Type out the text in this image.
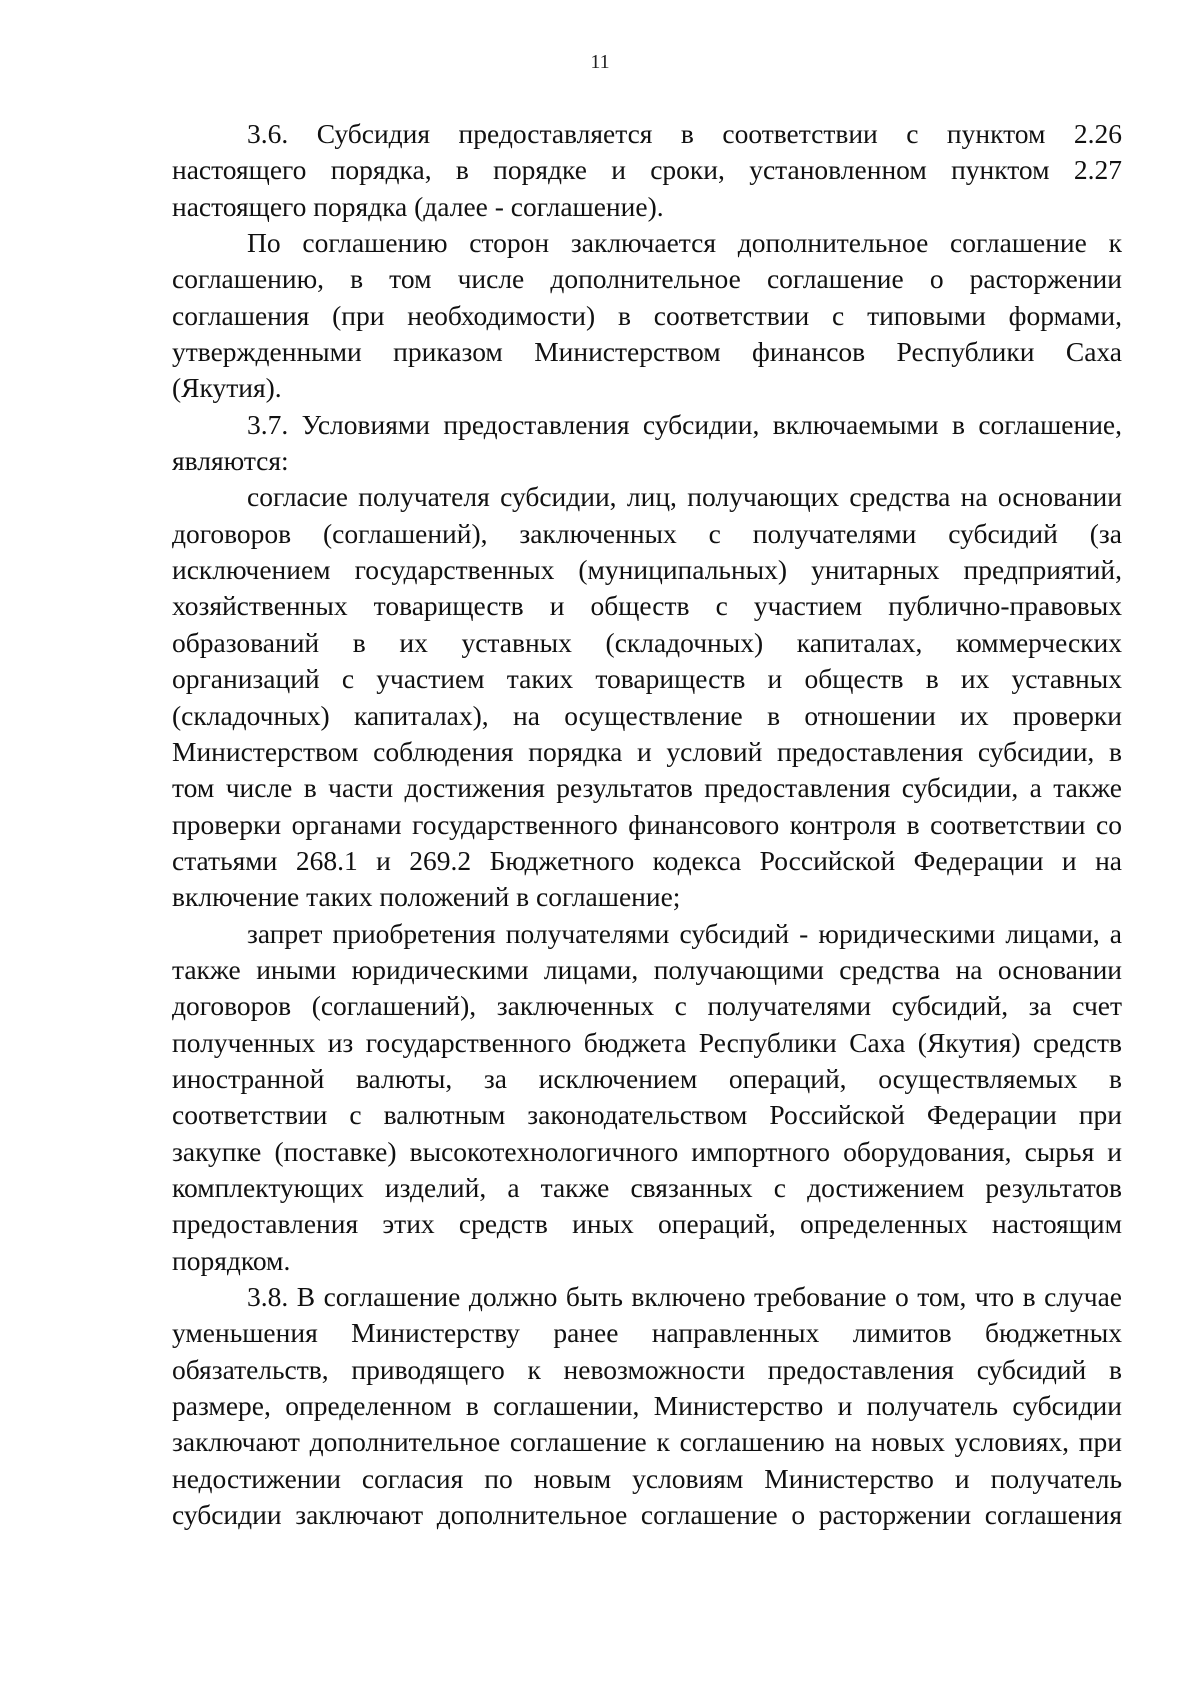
11
3.6. Субсидия предоставляется в соответствии с пунктом 2.26
настоящего порядка, в порядке и сроки, установленном пунктом 2.27
настоящего порядка (далее - соглашение).
По соглашению сторон заключается дополнительное соглашение к
соглашению, в том числе дополнительное соглашение о расторжении
соглашения (при необходимости) в соответствии с типовыми формами,
утвержденными приказом Министерством финансов Республики Саха
(Якутия).
3.7. Условиями предоставления субсидии, включаемыми в соглашение,
являются:
согласие получателя субсидии, лиц, получающих средства на основании
договоров (соглашений), заключенных с получателями субсидий (за
исключением государственных (муниципальных) унитарных предприятий,
хозяйственных товариществ и обществ с участием публично-правовых
образований в их уставных (складочных) капиталах, коммерческих
организаций с участием таких товариществ и обществ в их уставных
(складочных) капиталах), на осуществление в отношении их проверки
Министерством соблюдения порядка и условий предоставления субсидии, в
том числе в части достижения результатов предоставления субсидии, а также
проверки органами государственного финансового контроля в соответствии со
статьями 268.1 и 269.2 Бюджетного кодекса Российской Федерации и на
включение таких положений в соглашение;
запрет приобретения получателями субсидий - юридическими лицами, а
также иными юридическими лицами, получающими средства на основании
договоров (соглашений), заключенных с получателями субсидий, за счет
полученных из государственного бюджета Республики Саха (Якутия) средств
иностранной валюты, за исключением операций, осуществляемых в
соответствии с валютным законодательством Российской Федерации при
закупке (поставке) высокотехнологичного импортного оборудования, сырья и
комплектующих изделий, а также связанных с достижением результатов
предоставления этих средств иных операций, определенных настоящим
порядком.
3.8. В соглашение должно быть включено требование о том, что в случае
уменьшения Министерству ранее направленных лимитов бюджетных
обязательств, приводящего к невозможности предоставления субсидий в
размере, определенном в соглашении, Министерство и получатель субсидии
заключают дополнительное соглашение к соглашению на новых условиях, при
недостижении согласия по новым условиям Министерство и получатель
субсидии заключают дополнительное соглашение о расторжении соглашения
